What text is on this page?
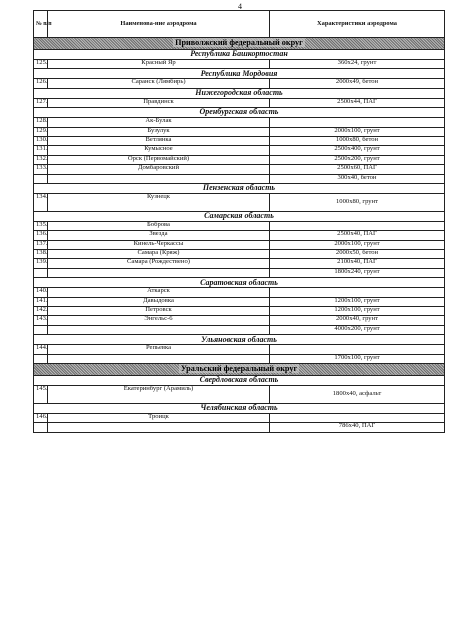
4
№ п/п	Наименова-ние аэродрома	Характеристики аэродрома
Приволжский федеральный округ		
Республика Башкортостан		
125.	Красный Яр	360x24, грунт
Республика Мордовия		
126.	Саранск (Лямбирь)	2000x49, бетон
Нижегородская область		
127.	Правдинск	2500x44, ПАГ
Оренбургская область		
128.	Ак-Булак	
129.	Бузулук	2000x100, грунт
130.	Ветлянка	1000x80, бетон
131.	Кумысное	2500x400, грунт
132.	Орск (Первомайский)	2500x200, грунт
133.	Домбаровский	2500x60, ПАГ
		300x40, бетон
Пензенская область		
134.	Кузнецк	1000x80, грунт
Самарская область		
135.	Боброва	
136.	Звезда	2500x40, ПАГ
137.	Кинель-Черкассы	2000x100, грунт
138.	Самара (Кряж)	2000x50, бетон
139.	Самара (Рождествено)	2100x40, ПАГ
		1800x240, грунт
Саратовская область		
140.	Аткарск	
141.	Давыдовка	1200x100, грунт
142.	Петровск	1200x100, грунт
143.	Энгельс-6	2000x40, грунт
		4000x200, грунт
Ульяновская область		
144.	Репьевка	
		1700x100, грунт
Уральский федеральный округ		
Свердловская область		
145.	Екатеринбург (Арамиль)	1800x40, асфальт
Челябинская область		
146.	Троицк	
		786x40, ПАГ
